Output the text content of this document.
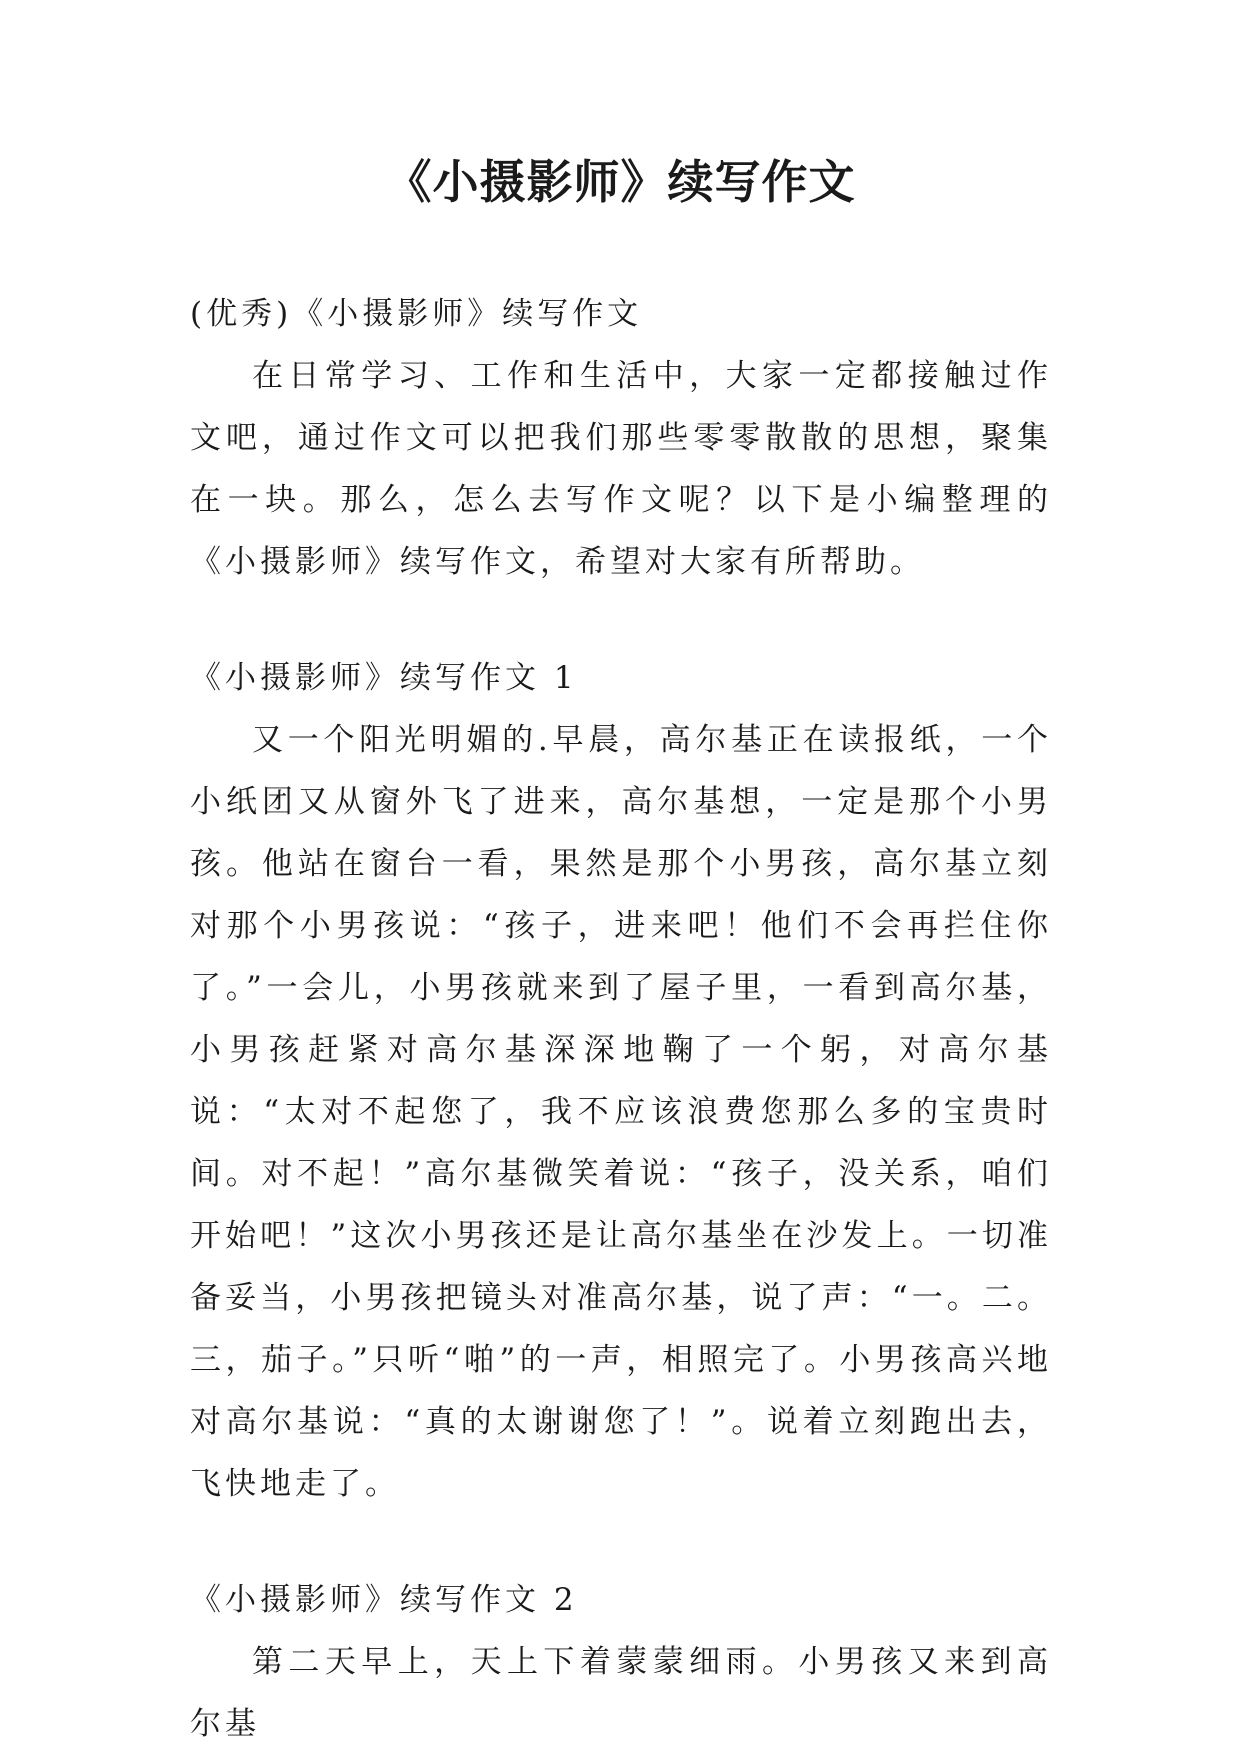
《小摄影师》续写作文

(优秀)《小摄影师》续写作文

在日常学习、工作和生活中，大家一定都接触过作文吧，通过作文可以把我们那些零零散散的思想，聚集在一块。那么，怎么去写作文呢？以下是小编整理的《小摄影师》续写作文，希望对大家有所帮助。

《小摄影师》续写作文 1

又一个阳光明媚的.早晨，高尔基正在读报纸，一个小纸团又从窗外飞了进来，高尔基想，一定是那个小男孩。他站在窗台一看，果然是那个小男孩，高尔基立刻对那个小男孩说：“孩子，进来吧！他们不会再拦住你了。”一会儿，小男孩就来到了屋子里，一看到高尔基，小男孩赶紧对高尔基深深地鞠了一个躬，对高尔基说：“太对不起您了，我不应该浪费您那么多的宝贵时间。对不起！”高尔基微笑着说：“孩子，没关系，咱们开始吧！”这次小男孩还是让高尔基坐在沙发上。一切准备妥当，小男孩把镜头对准高尔基，说了声：“一。二。三，茄子。”只听“啪”的一声，相照完了。小男孩高兴地对高尔基说：“真的太谢谢您了！”。说着立刻跑出去，飞快地走了。

《小摄影师》续写作文 2

第二天早上，天上下着蒙蒙细雨。小男孩又来到高尔基
